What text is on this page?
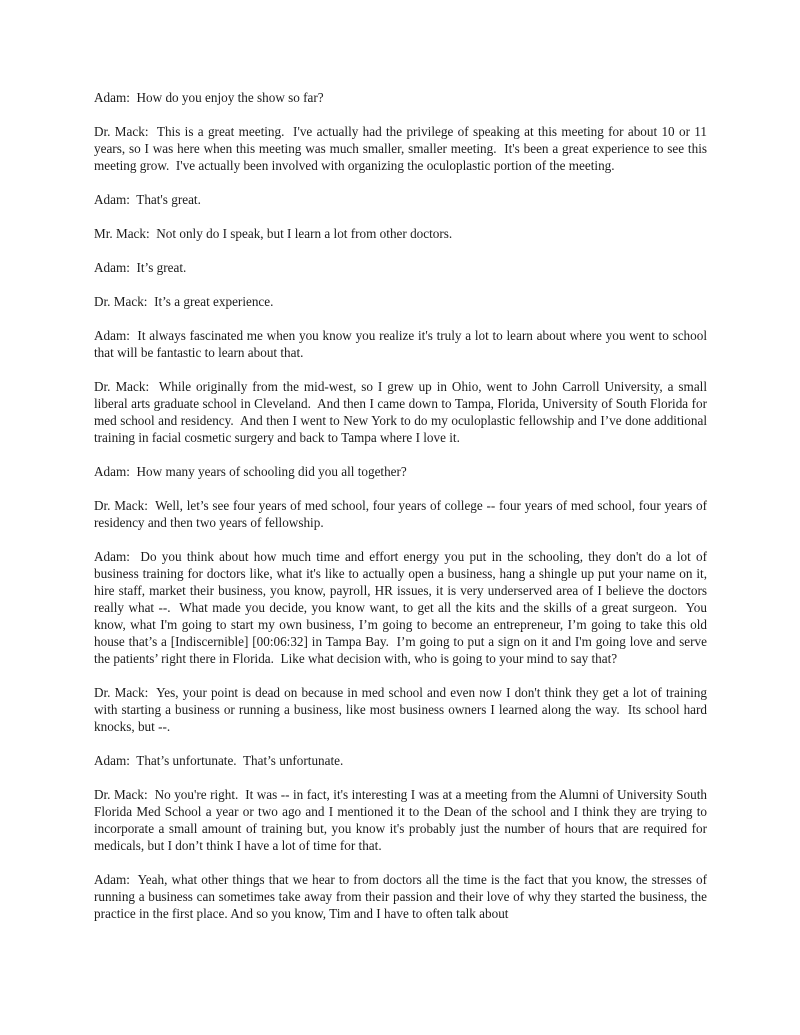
Adam: How do you enjoy the show so far?

Dr. Mack: This is a great meeting.  I've actually had the privilege of speaking at this meeting for about 10 or 11 years, so I was here when this meeting was much smaller, smaller meeting.  It's been a great experience to see this meeting grow.  I've actually been involved with organizing the oculoplastic portion of the meeting.

Adam: That's great.

Mr. Mack: Not only do I speak, but I learn a lot from other doctors.

Adam: It’s great.

Dr. Mack: It’s a great experience.

Adam: It always fascinated me when you know you realize it's truly a lot to learn about where you went to school that will be fantastic to learn about that.

Dr. Mack: While originally from the mid-west, so I grew up in Ohio, went to John Carroll University, a small liberal arts graduate school in Cleveland.  And then I came down to Tampa, Florida, University of South Florida for med school and residency.  And then I went to New York to do my oculoplastic fellowship and I’ve done additional training in facial cosmetic surgery and back to Tampa where I love it.

Adam: How many years of schooling did you all together?

Dr. Mack: Well, let’s see four years of med school, four years of college -- four years of med school, four years of residency and then two years of fellowship.

Adam: Do you think about how much time and effort energy you put in the schooling, they don't do a lot of business training for doctors like, what it's like to actually open a business, hang a shingle up put your name on it, hire staff, market their business, you know, payroll, HR issues, it is very underserved area of I believe the doctors really what --.  What made you decide, you know want, to get all the kits and the skills of a great surgeon.  You know, what I'm going to start my own business, I’m going to become an entrepreneur, I’m going to take this old house that’s a [Indiscernible] [00:06:32] in Tampa Bay.  I’m going to put a sign on it and I'm going love and serve the patients’ right there in Florida.  Like what decision with, who is going to your mind to say that?

Dr. Mack: Yes, your point is dead on because in med school and even now I don't think they get a lot of training with starting a business or running a business, like most business owners I learned along the way.  Its school hard knocks, but --.

Adam: That’s unfortunate.  That’s unfortunate.

Dr. Mack: No you're right.  It was -- in fact, it's interesting I was at a meeting from the Alumni of University South Florida Med School a year or two ago and I mentioned it to the Dean of the school and I think they are trying to incorporate a small amount of training but, you know it's probably just the number of hours that are required for medicals, but I don’t think I have a lot of time for that.

Adam: Yeah, what other things that we hear to from doctors all the time is the fact that you know, the stresses of running a business can sometimes take away from their passion and their love of why they started the business, the practice in the first place. And so you know, Tim and I have to often talk about
